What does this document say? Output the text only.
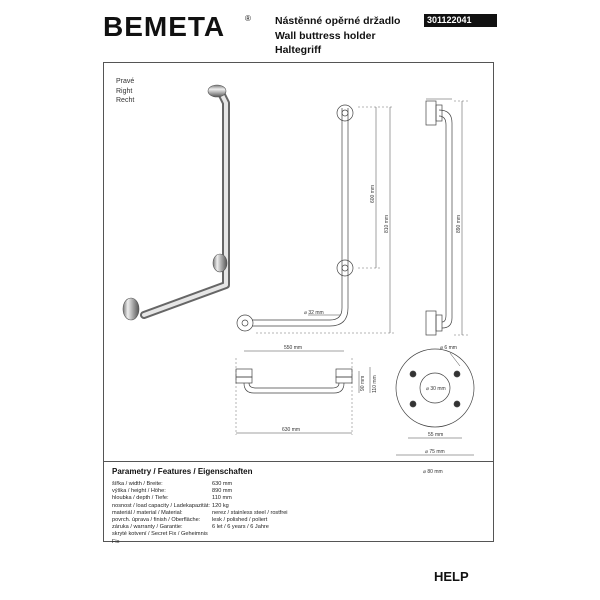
BEMETA ® Nástěnné opěrné držadlo
Wall buttress holder
Haltegriff
301122041
Pravé
Right
Recht
600 mm
810 mm
⌀ 32 mm
890 mm
550 mm
630 mm
90 mm 110 mm
⌀ 6 mm
⌀ 30 mm
55 mm
⌀ 75 mm
Parametry / Features / Eigenschaften
šířka / width / Breite:	630 mm
výška / height / Höhe:	890 mm
hloubka / depth / Tiefe:	110 mm
nosnost / load capacity / Ladekapazität: 120 kg
materiál / material / Material:	nerez / stainless steel / rostfrei
povrch. úprava / finish / Oberfläche:	lesk / polished / poliert
záruka / warranty / Garantie:	6 let / 6 years / 6 Jahre
skryté kotvení / Secret Fix / Geheimnis Fix
⌀ 80 mm
HELP
